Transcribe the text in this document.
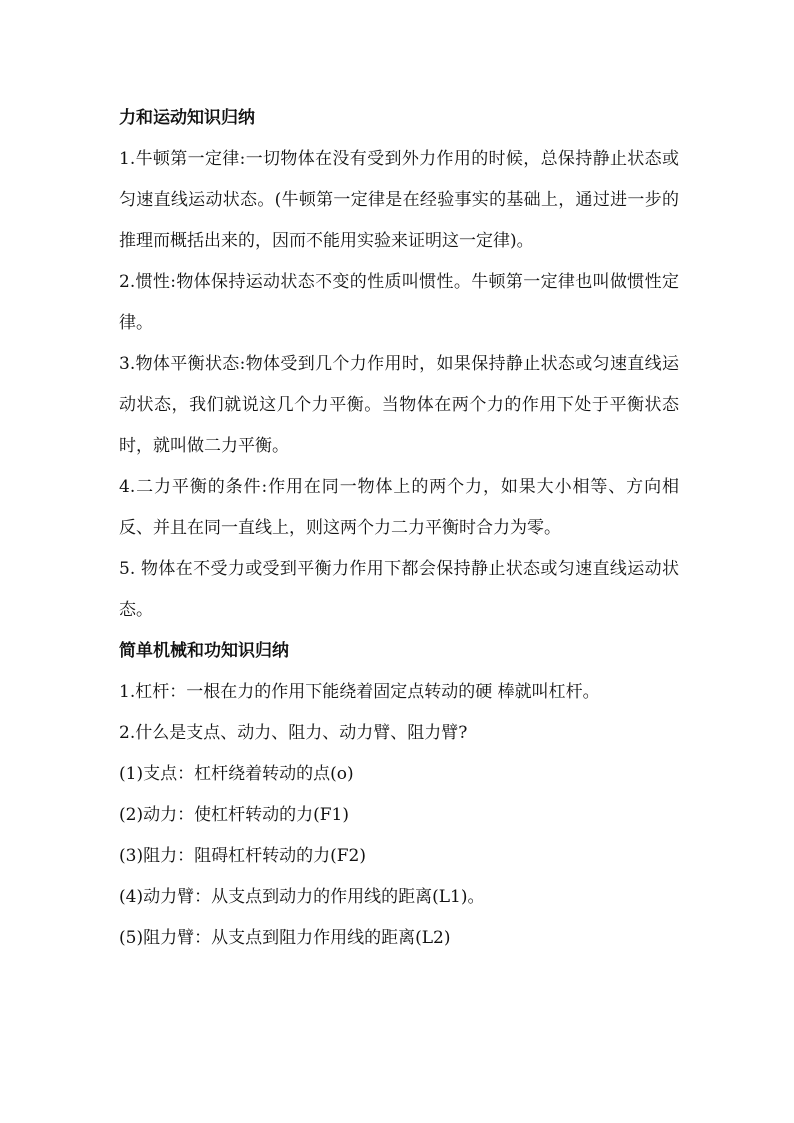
力和运动知识归纳
1.牛顿第一定律:一切物体在没有受到外力作用的时候，总保持静止状态或匀速直线运动状态。(牛顿第一定律是在经验事实的基础上，通过进一步的推理而概括出来的，因而不能用实验来证明这一定律)。
2.惯性:物体保持运动状态不变的性质叫惯性。牛顿第一定律也叫做惯性定律。
3.物体平衡状态:物体受到几个力作用时，如果保持静止状态或匀速直线运动状态，我们就说这几个力平衡。当物体在两个力的作用下处于平衡状态时，就叫做二力平衡。
4.二力平衡的条件:作用在同一物体上的两个力，如果大小相等、方向相反、并且在同一直线上，则这两个力二力平衡时合力为零。
5. 物体在不受力或受到平衡力作用下都会保持静止状态或匀速直线运动状态。
简单机械和功知识归纳
1.杠杆：一根在力的作用下能绕着固定点转动的硬 棒就叫杠杆。
2.什么是支点、动力、阻力、动力臂、阻力臂?
(1)支点：杠杆绕着转动的点(o)
(2)动力：使杠杆转动的力(F1)
(3)阻力：阻碍杠杆转动的力(F2)
(4)动力臂：从支点到动力的作用线的距离(L1)。
(5)阻力臂：从支点到阻力作用线的距离(L2)
